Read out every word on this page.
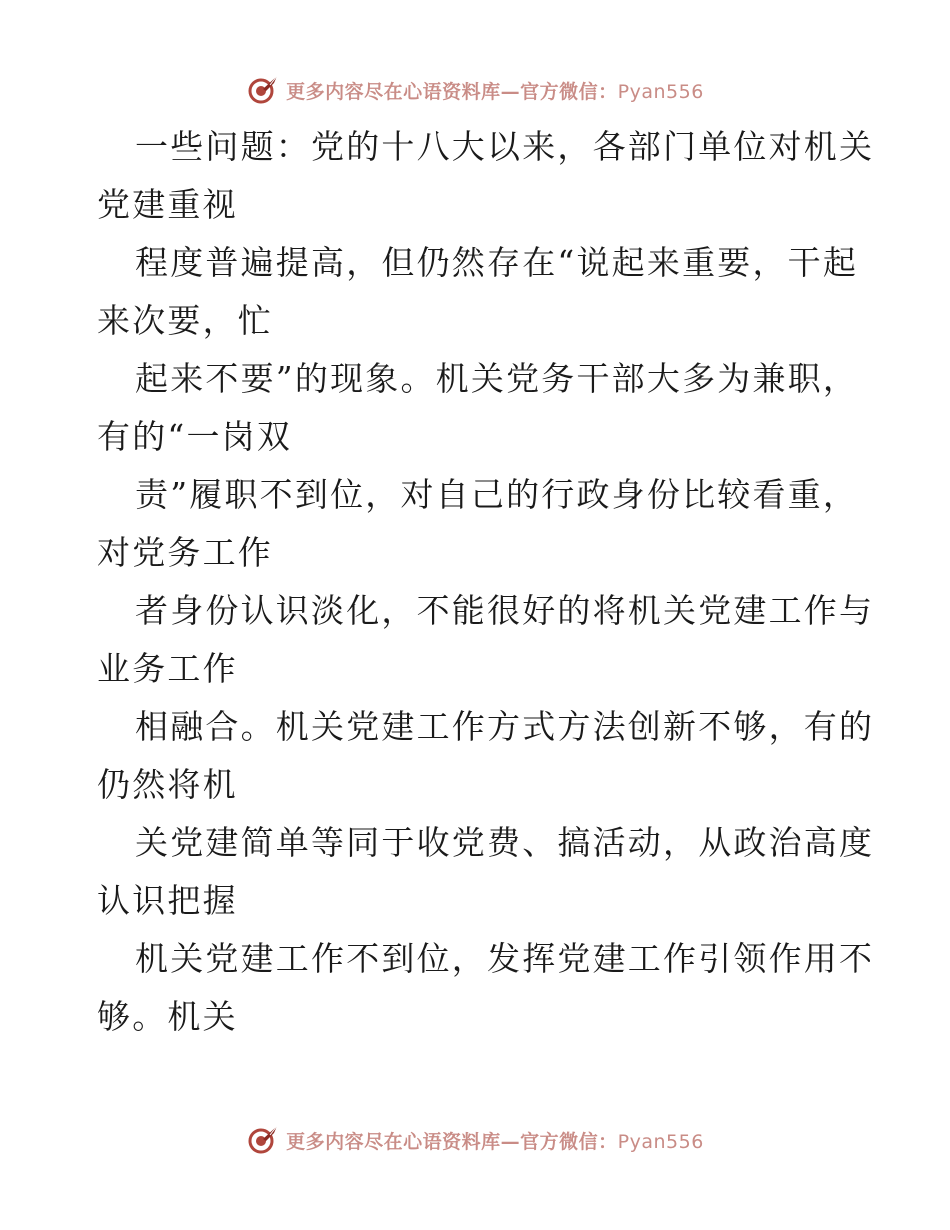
更多内容尽在心语资料库—官方微信：Pyan556
一些问题：党的十八大以来，各部门单位对机关
党建重视
程度普遍提高，但仍然存在“说起来重要，干起
来次要，忙
起来不要”的现象。机关党务干部大多为兼职，
有的“一岗双
责”履职不到位，对自己的行政身份比较看重，
对党务工作
者身份认识淡化，不能很好的将机关党建工作与
业务工作
相融合。机关党建工作方式方法创新不够，有的
仍然将机
关党建简单等同于收党费、搞活动，从政治高度
认识把握
机关党建工作不到位，发挥党建工作引领作用不
够。机关
更多内容尽在心语资料库—官方微信：Pyan556
